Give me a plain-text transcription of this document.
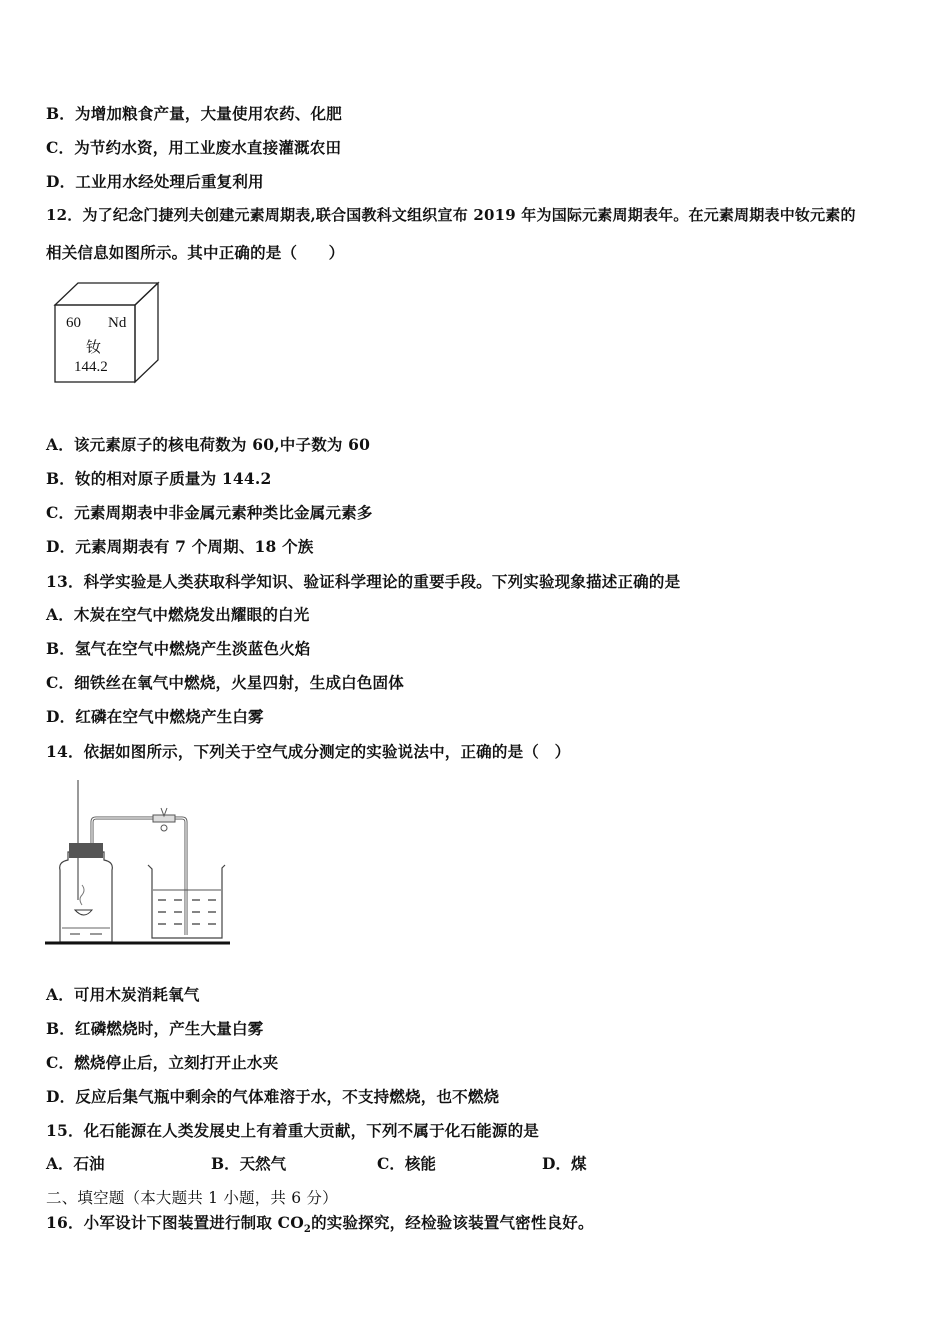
B．为增加粮食产量，大量使用农药、化肥
C．为节约水资，用工业废水直接灌溉农田
D．工业用水经处理后重复利用
12．为了纪念门捷列夫创建元素周期表,联合国教科文组织宣布 2019 年为国际元素周期表年。在元素周期表中钕元素的
相关信息如图所示。其中正确的是（　　）
60 Nd
钕
144.2
A．该元素原子的核电荷数为 60,中子数为 60
B．钕的相对原子质量为 144.2
C．元素周期表中非金属元素种类比金属元素多
D．元素周期表有 7 个周期、18 个族
13．科学实验是人类获取科学知识、验证科学理论的重要手段。下列实验现象描述正确的是
A．木炭在空气中燃烧发出耀眼的白光
B．氢气在空气中燃烧产生淡蓝色火焰
C．细铁丝在氧气中燃烧，火星四射，生成白色固体
D．红磷在空气中燃烧产生白雾
14．依据如图所示，下列关于空气成分测定的实验说法中，正确的是（　）
A．可用木炭消耗氧气
B．红磷燃烧时，产生大量白雾
C．燃烧停止后，立刻打开止水夹
D．反应后集气瓶中剩余的气体难溶于水，不支持燃烧，也不燃烧
15．化石能源在人类发展史上有着重大贡献，下列不属于化石能源的是
A．石油	B．天然气	C．核能	D．煤
二、填空题（本大题共 1 小题，共 6 分）
16．小军设计下图装置进行制取 $CO_2$的实验探究，经检验该装置气密性良好。
